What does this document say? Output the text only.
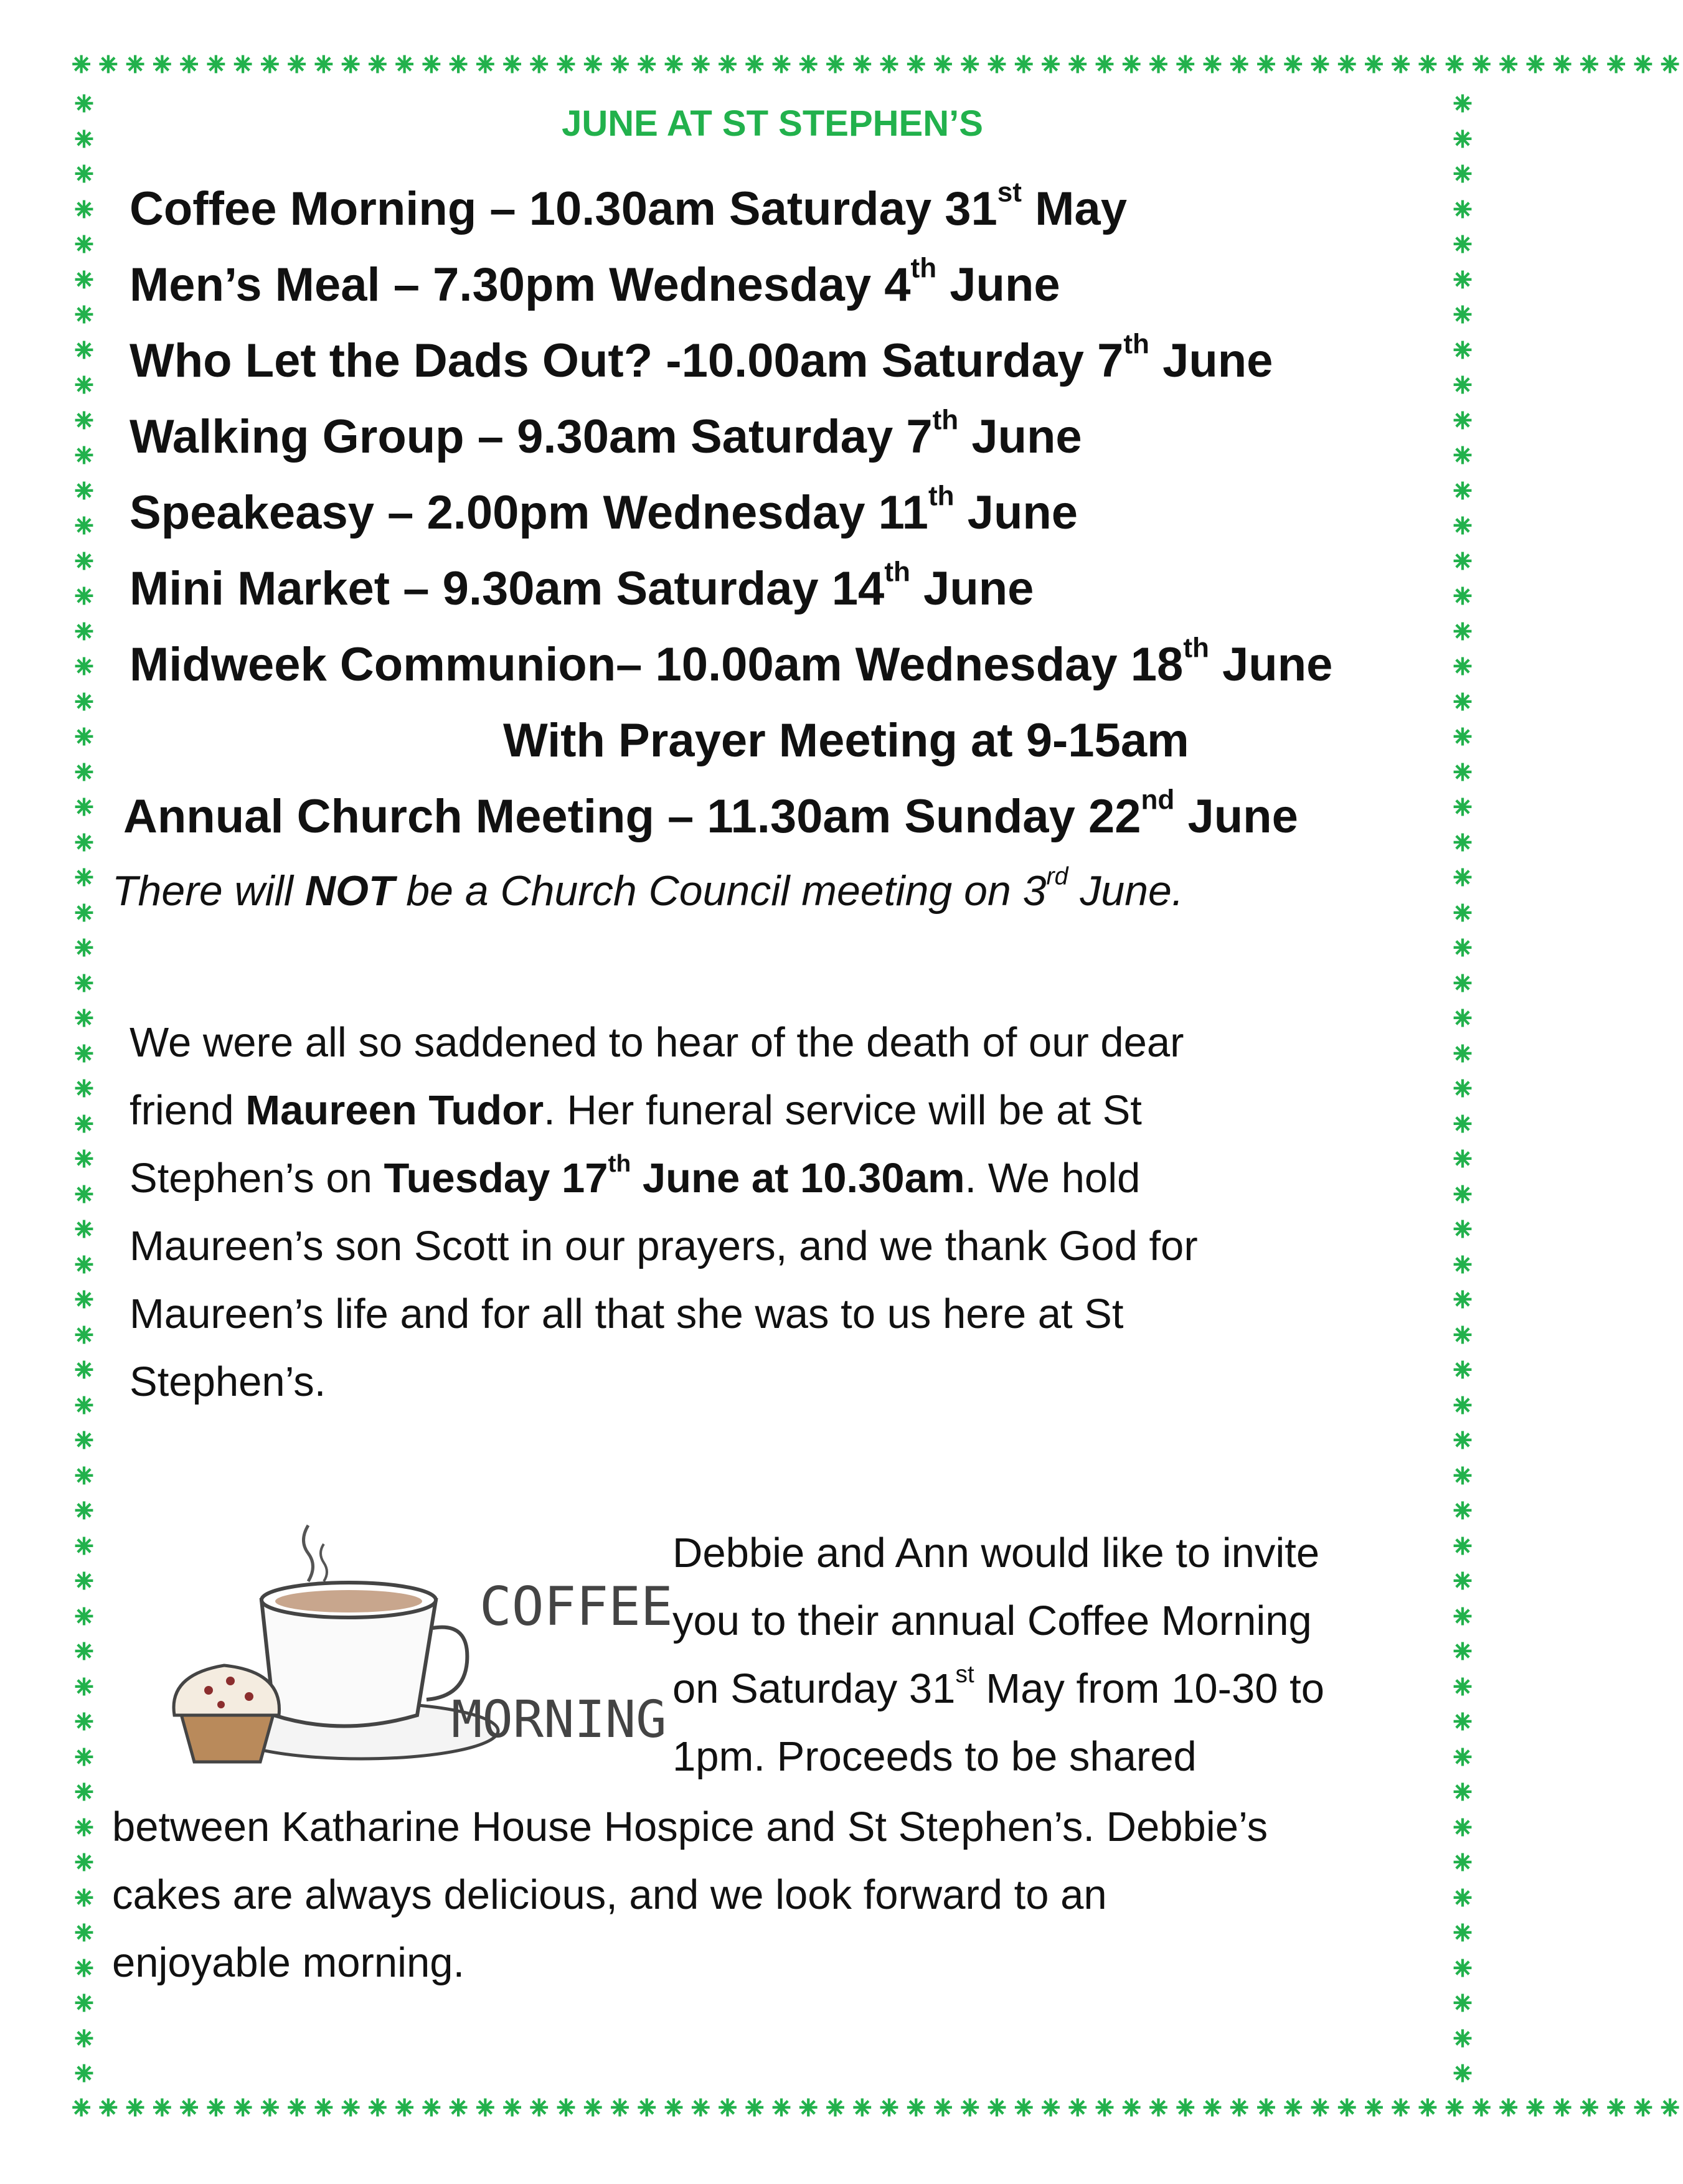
⁕⁕⁕⁕⁕⁕⁕⁕⁕⁕⁕⁕⁕⁕⁕⁕⁕⁕⁕⁕⁕⁕⁕⁕⁕⁕⁕⁕⁕⁕⁕⁕⁕⁕⁕⁕⁕⁕⁕⁕⁕⁕⁕⁕⁕⁕⁕⁕⁕⁕⁕⁕⁕⁕⁕⁕⁕⁕⁕⁕
⁕⁕⁕⁕⁕⁕⁕⁕⁕⁕⁕⁕⁕⁕⁕⁕⁕⁕⁕⁕⁕⁕⁕⁕⁕⁕⁕⁕⁕⁕⁕⁕⁕⁕⁕⁕⁕⁕⁕⁕⁕⁕⁕⁕⁕⁕⁕⁕⁕⁕⁕⁕⁕⁕⁕⁕⁕⁕⁕⁕
⁕
⁕
⁕
⁕
⁕
⁕
⁕
⁕
⁕
⁕
⁕
⁕
⁕
⁕
⁕
⁕
⁕
⁕
⁕
⁕
⁕
⁕
⁕
⁕
⁕
⁕
⁕
⁕
⁕
⁕
⁕
⁕
⁕
⁕
⁕
⁕
⁕
⁕
⁕
⁕
⁕
⁕
⁕
⁕
⁕
⁕
⁕
⁕
⁕
⁕
⁕
⁕
⁕
⁕
⁕
⁕
⁕
⁕
⁕
⁕
⁕
⁕
⁕
⁕
⁕
⁕
⁕
⁕
⁕
⁕
⁕
⁕
⁕
⁕
⁕
⁕
⁕
⁕
⁕
⁕
⁕
⁕
⁕
⁕
⁕
⁕
⁕
⁕
⁕
⁕
⁕
⁕
⁕
⁕
⁕
⁕
⁕
⁕
⁕
⁕
⁕
⁕
⁕
⁕
⁕
⁕
⁕
⁕
⁕
⁕
⁕
⁕
⁕
⁕
JUNE AT ST STEPHEN’S
Coffee Morning – 10.30am Saturday 31st May
Men’s Meal – 7.30pm Wednesday 4th June
Who Let the Dads Out? -10.00am Saturday 7th June
Walking Group – 9.30am Saturday 7th June
Speakeasy – 2.00pm Wednesday 11th June
Mini Market – 9.30am Saturday 14th June
Midweek Communion– 10.00am Wednesday 18th June
With Prayer Meeting at 9-15am
Annual Church Meeting – 11.30am Sunday 22nd June
There will NOT be a Church Council meeting on 3rd June.
We were all so saddened to hear of the death of our dear
friend Maureen Tudor. Her funeral service will be at St
Stephen’s on Tuesday 17th June at 10.30am. We hold
Maureen’s son Scott in our prayers, and we thank God for
Maureen’s life and for all that she was to us here at St
Stephen’s.
COFFEE
MORNING
Debbie and Ann would like to invite
you to their annual Coffee Morning
on Saturday 31st May from 10-30 to
1pm. Proceeds to be shared
between Katharine House Hospice and St Stephen’s. Debbie’s
cakes are always delicious, and we look forward to an
enjoyable morning.
